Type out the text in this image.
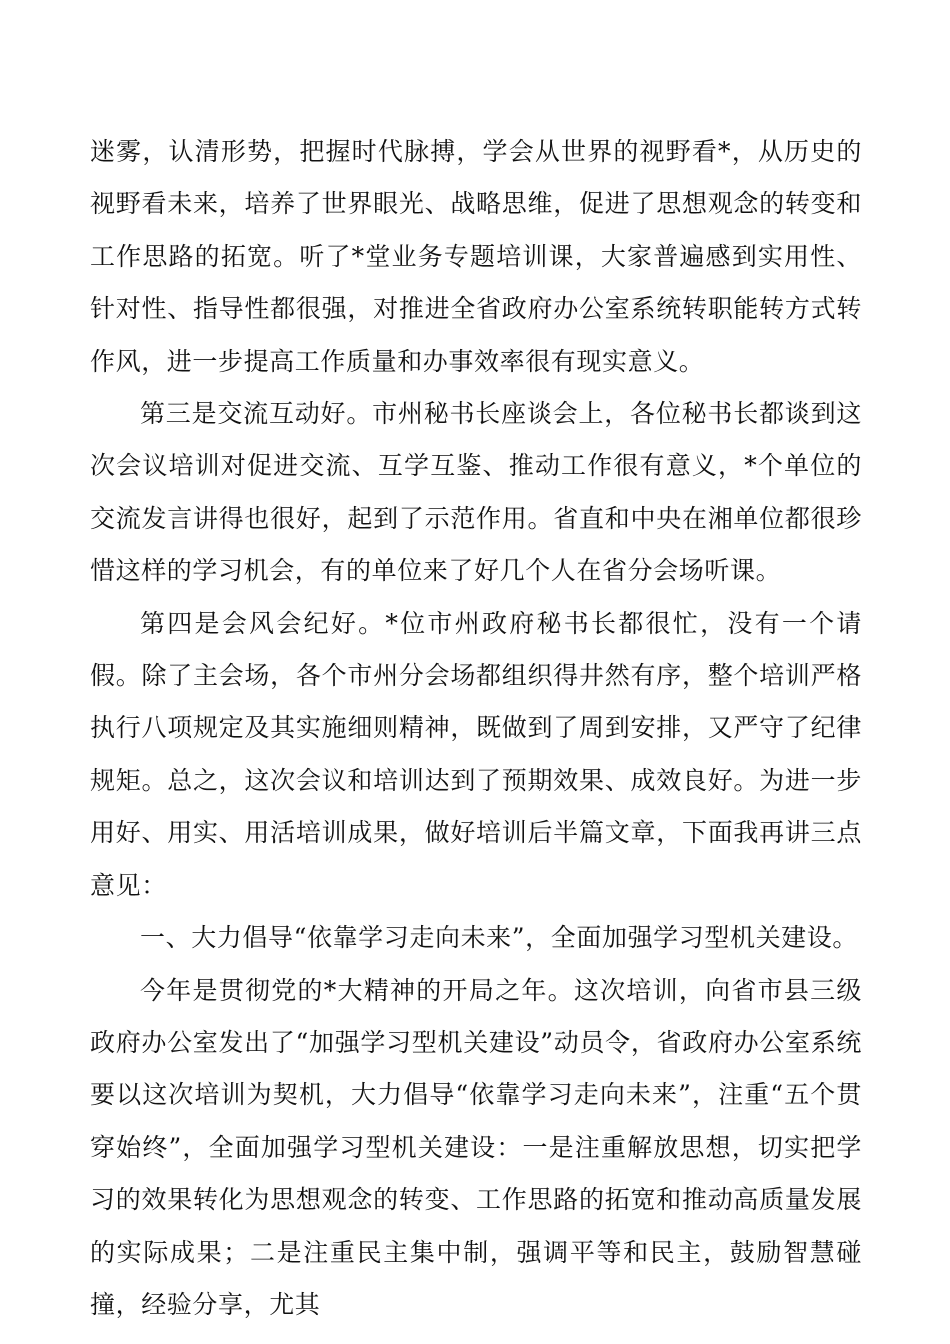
迷雾，认清形势，把握时代脉搏，学会从世界的视野看*，从历史的视野看未来，培养了世界眼光、战略思维，促进了思想观念的转变和工作思路的拓宽。听了*堂业务专题培训课，大家普遍感到实用性、针对性、指导性都很强，对推进全省政府办公室系统转职能转方式转作风，进一步提高工作质量和办事效率很有现实意义。

第三是交流互动好。市州秘书长座谈会上，各位秘书长都谈到这次会议培训对促进交流、互学互鉴、推动工作很有意义，*个单位的交流发言讲得也很好，起到了示范作用。省直和中央在湘单位都很珍惜这样的学习机会，有的单位来了好几个人在省分会场听课。

第四是会风会纪好。*位市州政府秘书长都很忙，没有一个请假。除了主会场，各个市州分会场都组织得井然有序，整个培训严格执行八项规定及其实施细则精神，既做到了周到安排，又严守了纪律规矩。总之，这次会议和培训达到了预期效果、成效良好。为进一步用好、用实、用活培训成果，做好培训后半篇文章，下面我再讲三点意见：

一、大力倡导“依靠学习走向未来”，全面加强学习型机关建设。

今年是贯彻党的*大精神的开局之年。这次培训，向省市县三级政府办公室发出了“加强学习型机关建设”动员令，省政府办公室系统要以这次培训为契机，大力倡导“依靠学习走向未来”，注重“五个贯穿始终”，全面加强学习型机关建设：一是注重解放思想，切实把学习的效果转化为思想观念的转变、工作思路的拓宽和推动高质量发展的实际成果；二是注重民主集中制，强调平等和民主，鼓励智慧碰撞，经验分享，尤其
